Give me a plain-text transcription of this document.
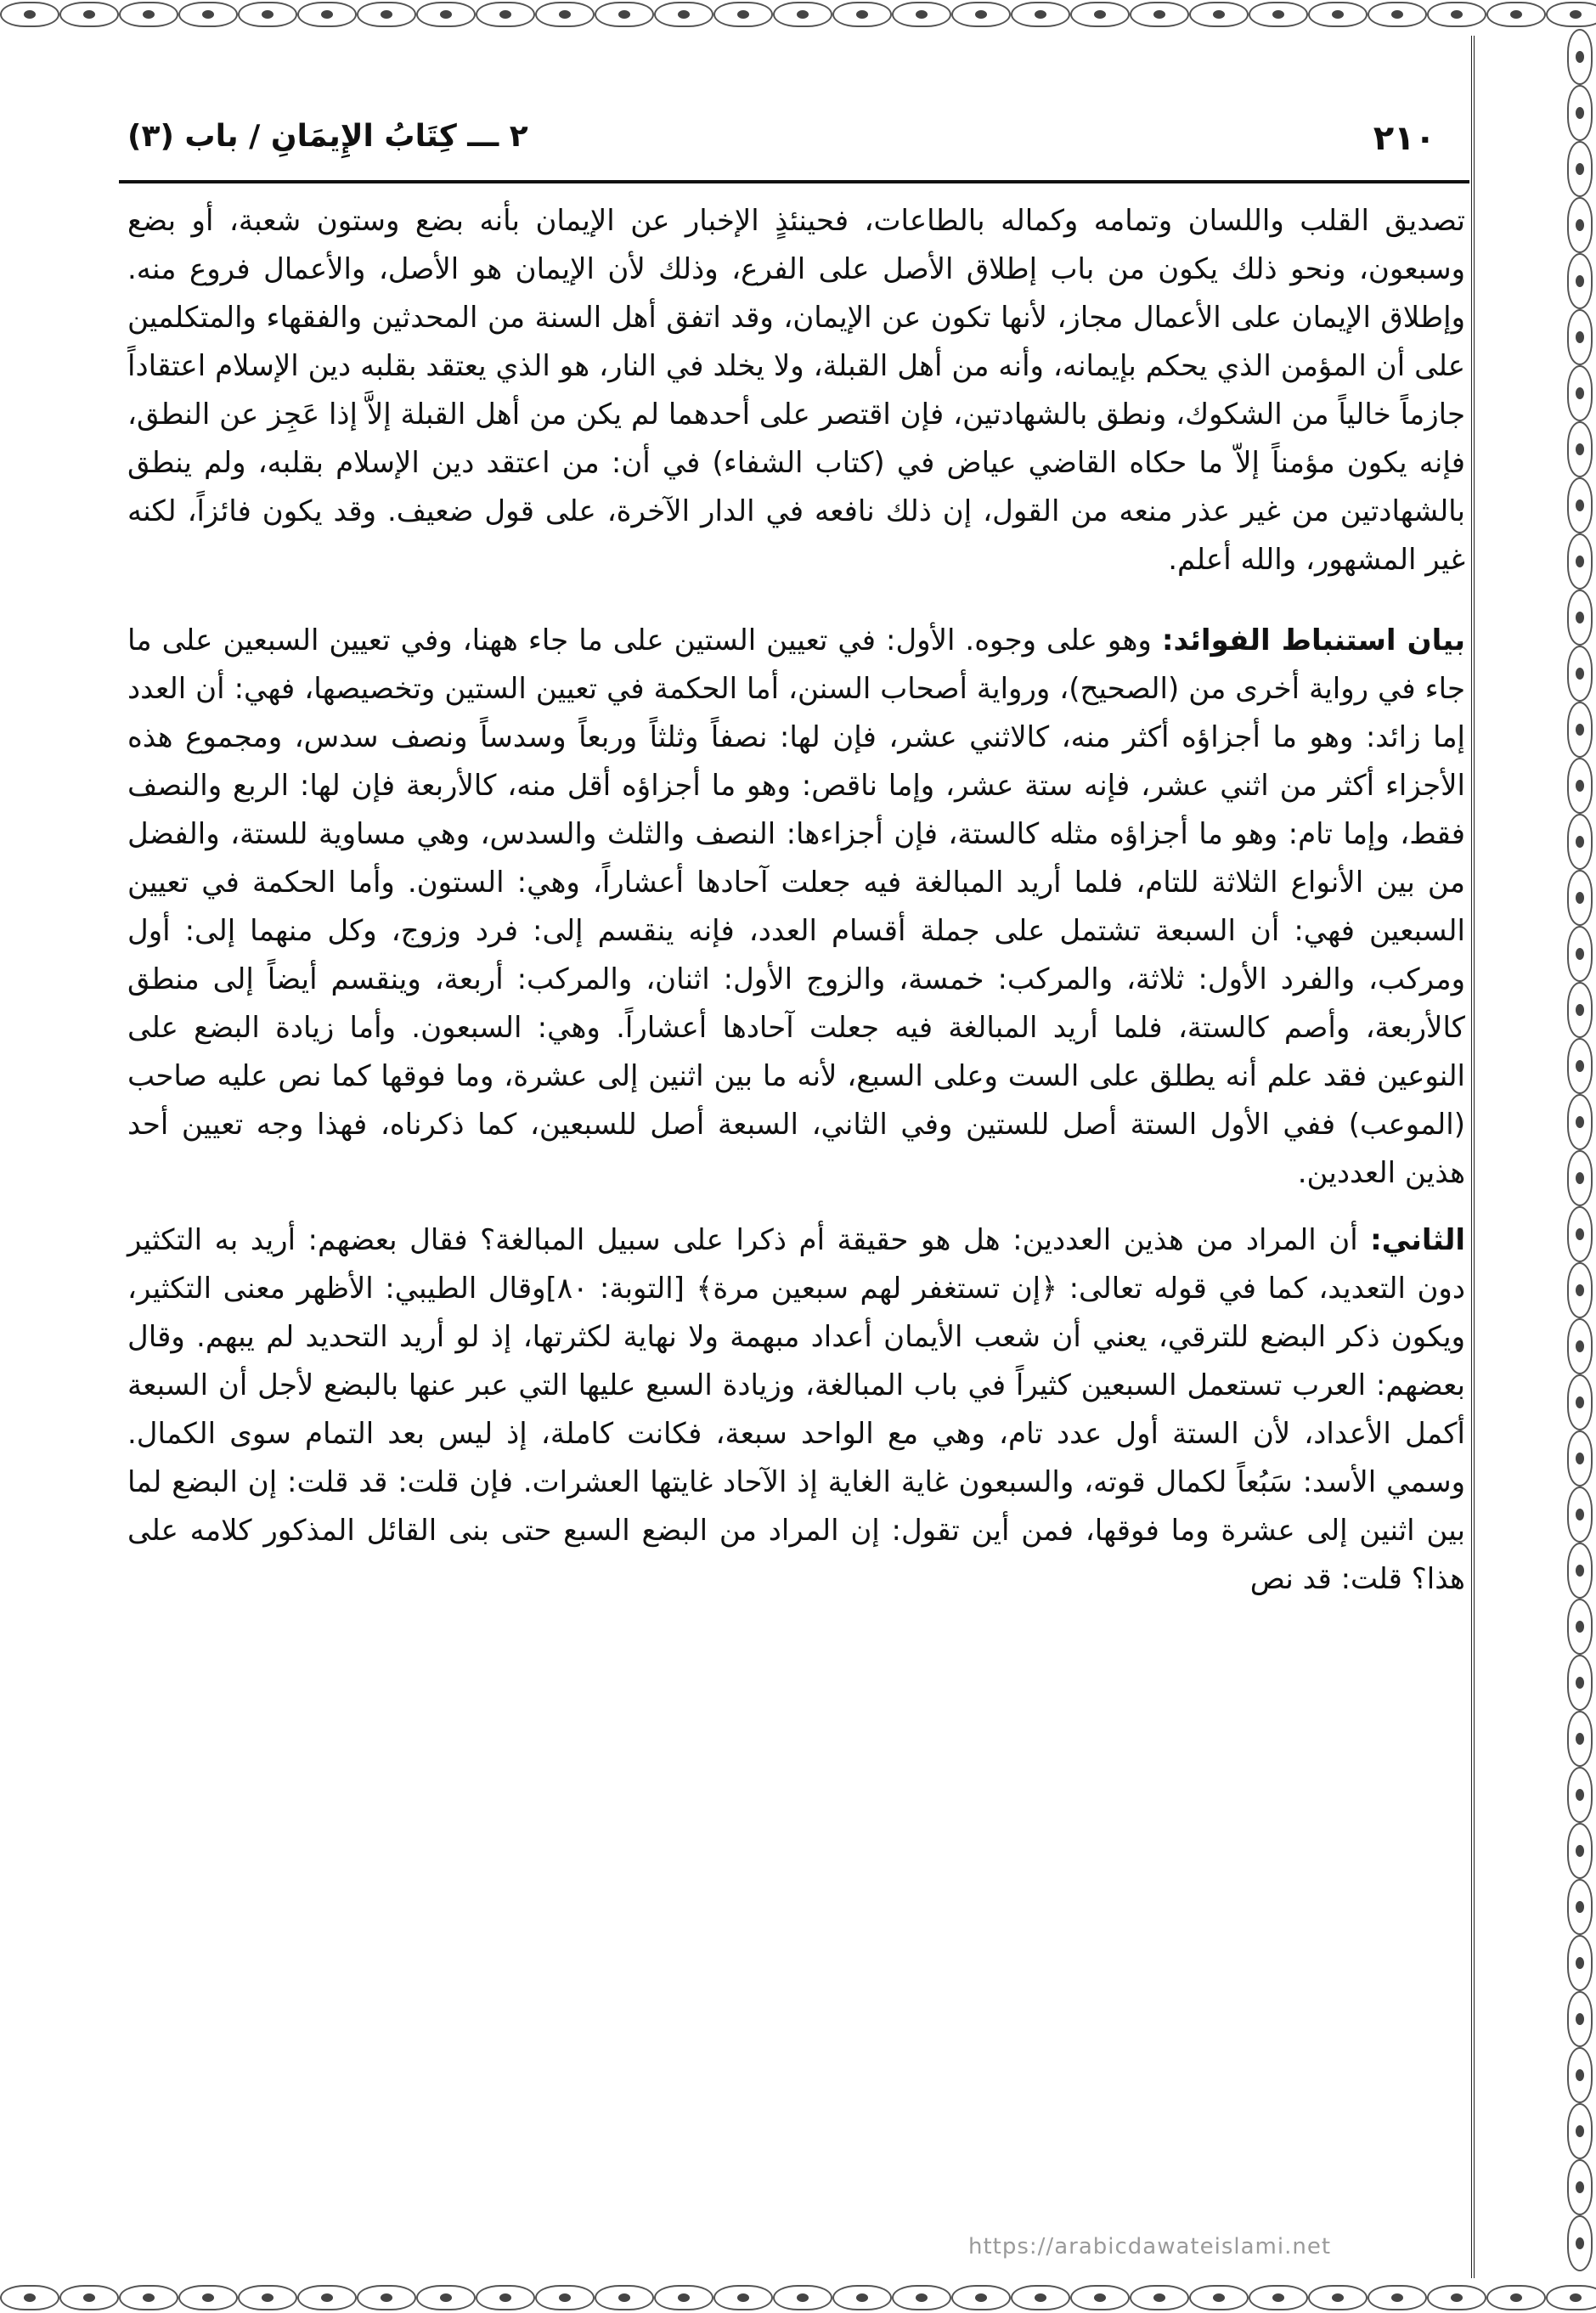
٢١٠
٢ ـــ كِتَابُ الإِيمَانِ / باب (٣)

تصديق القلب واللسان وتمامه وكماله بالطاعات، فحينئذٍ الإخبار عن الإيمان بأنه بضع وستون شعبة، أو بضع وسبعون، ونحو ذلك يكون من باب إطلاق الأصل على الفرع، وذلك لأن الإيمان هو الأصل، والأعمال فروع منه. وإطلاق الإيمان على الأعمال مجاز، لأنها تكون عن الإيمان، وقد اتفق أهل السنة من المحدثين والفقهاء والمتكلمين على أن المؤمن الذي يحكم بإيمانه، وأنه من أهل القبلة، ولا يخلد في النار، هو الذي يعتقد بقلبه دين الإسلام اعتقاداً جازماً خالياً من الشكوك، ونطق بالشهادتين، فإن اقتصر على أحدهما لم يكن من أهل القبلة إلاَّ إذا عَجِز عن النطق، فإنه يكون مؤمناً إلاّ ما حكاه القاضي عياض في (كتاب الشفاء) في أن: من اعتقد دين الإسلام بقلبه، ولم ينطق بالشهادتين من غير عذر منعه من القول، إن ذلك نافعه في الدار الآخرة، على قول ضعيف. وقد يكون فائزاً، لكنه غير المشهور، والله أعلم.

بيان استنباط الفوائد: وهو على وجوه. الأول: في تعيين الستين على ما جاء ههنا، وفي تعيين السبعين على ما جاء في رواية أخرى من (الصحيح)، ورواية أصحاب السنن، أما الحكمة في تعيين الستين وتخصيصها، فهي: أن العدد إما زائد: وهو ما أجزاؤه أكثر منه، كالاثني عشر، فإن لها: نصفاً وثلثاً وربعاً وسدساً ونصف سدس، ومجموع هذه الأجزاء أكثر من اثني عشر، فإنه ستة عشر، وإما ناقص: وهو ما أجزاؤه أقل منه، كالأربعة فإن لها: الربع والنصف فقط، وإما تام: وهو ما أجزاؤه مثله كالستة، فإن أجزاءها: النصف والثلث والسدس، وهي مساوية للستة، والفضل من بين الأنواع الثلاثة للتام، فلما أريد المبالغة فيه جعلت آحادها أعشاراً، وهي: الستون. وأما الحكمة في تعيين السبعين فهي: أن السبعة تشتمل على جملة أقسام العدد، فإنه ينقسم إلى: فرد وزوج، وكل منهما إلى: أول ومركب، والفرد الأول: ثلاثة، والمركب: خمسة، والزوج الأول: اثنان، والمركب: أربعة، وينقسم أيضاً إلى منطق كالأربعة، وأصم كالستة، فلما أريد المبالغة فيه جعلت آحادها أعشاراً. وهي: السبعون. وأما زيادة البضع على النوعين فقد علم أنه يطلق على الست وعلى السبع، لأنه ما بين اثنين إلى عشرة، وما فوقها كما نص عليه صاحب (الموعب) ففي الأول الستة أصل للستين وفي الثاني، السبعة أصل للسبعين، كما ذكرناه، فهذا وجه تعيين أحد هذين العددين.

الثاني: أن المراد من هذين العددين: هل هو حقيقة أم ذكرا على سبيل المبالغة؟ فقال بعضهم: أريد به التكثير دون التعديد، كما في قوله تعالى: ﴿إن تستغفر لهم سبعين مرة﴾ [التوبة: ٨٠]وقال الطيبي: الأظهر معنى التكثير، ويكون ذكر البضع للترقي، يعني أن شعب الأيمان أعداد مبهمة ولا نهاية لكثرتها، إذ لو أريد التحديد لم يبهم. وقال بعضهم: العرب تستعمل السبعين كثيراً في باب المبالغة، وزيادة السبع عليها التي عبر عنها بالبضع لأجل أن السبعة أكمل الأعداد، لأن الستة أول عدد تام، وهي مع الواحد سبعة، فكانت كاملة، إذ ليس بعد التمام سوى الكمال. وسمي الأسد: سَبُعاً لكمال قوته، والسبعون غاية الغاية إذ الآحاد غايتها العشرات. فإن قلت: قد قلت: إن البضع لما بين اثنين إلى عشرة وما فوقها، فمن أين تقول: إن المراد من البضع السبع حتى بنى القائل المذكور كلامه على هذا؟ قلت: قد نص

https://arabicdawateislami.net
